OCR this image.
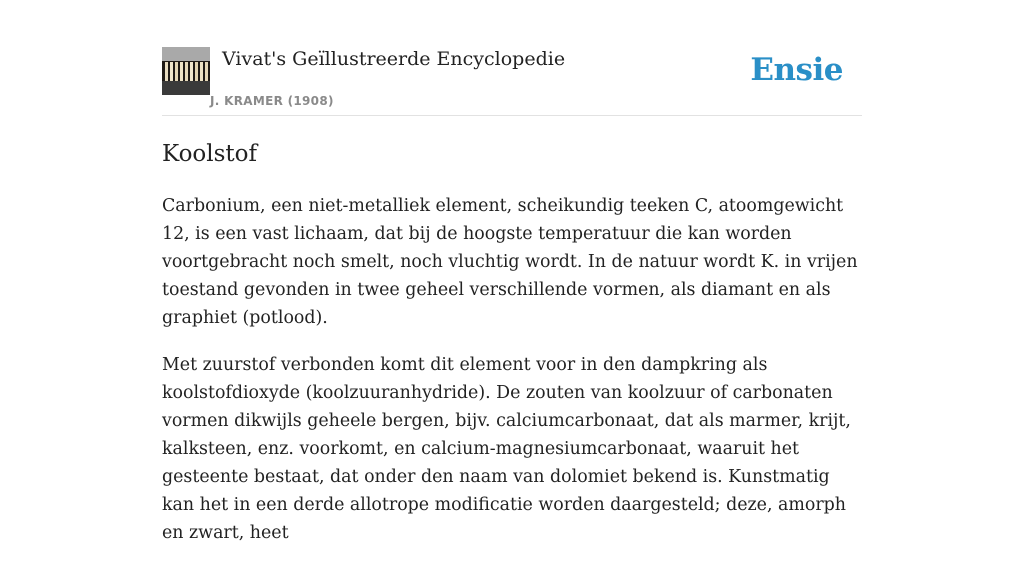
Vivat's Geïllustreerde Encyclopedie
J. KRAMER (1908)
Ensie
Koolstof

Carbonium, een niet-metalliek element, scheikundig teeken C, atoomgewicht 12, is een vast lichaam, dat bij de hoogste temperatuur die kan worden voortgebracht noch smelt, noch vluchtig wordt. In de natuur wordt K. in vrijen toestand gevonden in twee geheel verschillende vormen, als diamant en als graphiet (potlood).

Met zuurstof verbonden komt dit element voor in den dampkring als koolstofdioxyde (koolzuuranhydride). De zouten van koolzuur of carbonaten vormen dikwijls geheele bergen, bijv. calciumcarbonaat, dat als marmer, krijt, kalksteen, enz. voorkomt, en calcium-magnesiumcarbonaat, waaruit het gesteente bestaat, dat onder den naam van dolomiet bekend is. Kunstmatig kan het in een derde allotrope modificatie worden daargesteld; deze, amorph en zwart, heet
